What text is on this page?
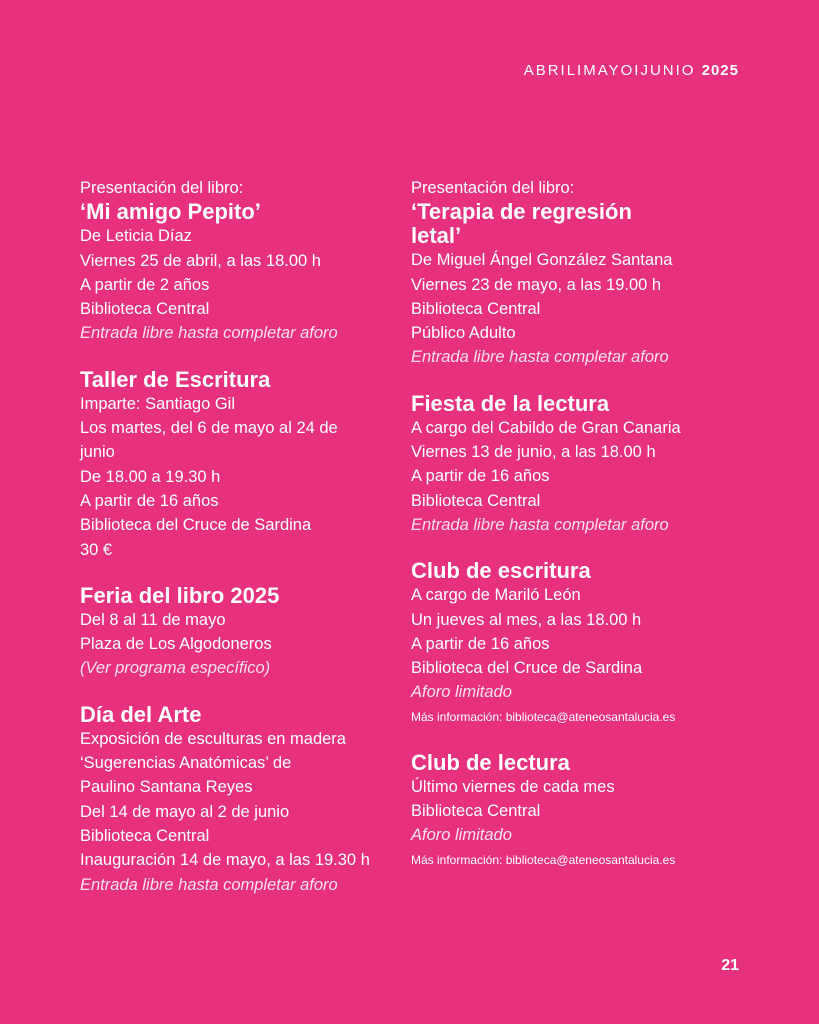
ABRILIMAYOIJUNIO 2025
Presentación del libro:
‘Mi amigo Pepito’
De Leticia Díaz
Viernes 25 de abril, a las 18.00 h
A partir de 2 años
Biblioteca Central
Entrada libre hasta completar aforo
Taller de Escritura
Imparte: Santiago Gil
Los martes, del 6 de mayo al 24 de
junio
De 18.00 a 19.30 h
A partir de 16 años
Biblioteca del Cruce de Sardina
30 €
Feria del libro 2025
Del 8 al 11 de mayo
Plaza de Los Algodoneros
(Ver programa específico)
Día del Arte
Exposición de esculturas en madera
‘Sugerencias Anatómicas’ de
Paulino Santana Reyes
Del 14 de mayo al 2 de junio
Biblioteca Central
Inauguración 14 de mayo, a las 19.30 h
Entrada libre hasta completar aforo
Presentación del libro:
‘Terapia de regresión letal’
De Miguel Ángel González Santana
Viernes 23 de mayo, a las 19.00 h
Biblioteca Central
Público Adulto
Entrada libre hasta completar aforo
Fiesta de la lectura
A cargo del Cabildo de Gran Canaria
Viernes 13 de junio, a las 18.00 h
A partir de 16 años
Biblioteca Central
Entrada libre hasta completar aforo
Club de escritura
A cargo de Mariló León
Un jueves al mes, a las 18.00 h
A partir de 16 años
Biblioteca del Cruce de Sardina
Aforo limitado
Más información: biblioteca@ateneosantalucia.es
Club de lectura
Último viernes de cada mes
Biblioteca Central
Aforo limitado
Más información: biblioteca@ateneosantalucia.es
21
